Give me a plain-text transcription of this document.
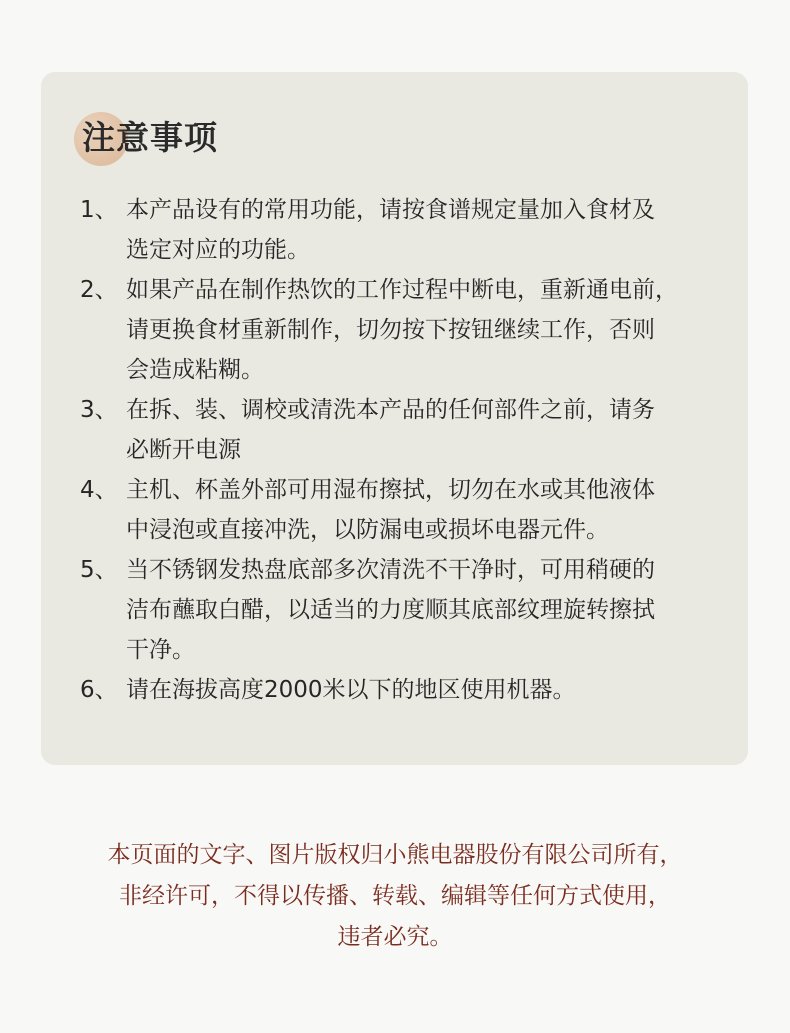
注意事项
1、 本产品设有的常用功能，请按食谱规定量加入食材及
选定对应的功能。
2、 如果产品在制作热饮的工作过程中断电，重新通电前，
请更换食材重新制作，切勿按下按钮继续工作，否则
会造成粘糊。
3、 在拆、装、调校或清洗本产品的任何部件之前，请务
必断开电源
4、 主机、杯盖外部可用湿布擦拭，切勿在水或其他液体
中浸泡或直接冲洗，以防漏电或损坏电器元件。
5、 当不锈钢发热盘底部多次清洗不干净时，可用稍硬的
洁布蘸取白醋，以适当的力度顺其底部纹理旋转擦拭
干净。
6、 请在海拔高度2000米以下的地区使用机器。
本页面的文字、图片版权归小熊电器股份有限公司所有，
非经许可，不得以传播、转载、编辑等任何方式使用，
违者必究。
